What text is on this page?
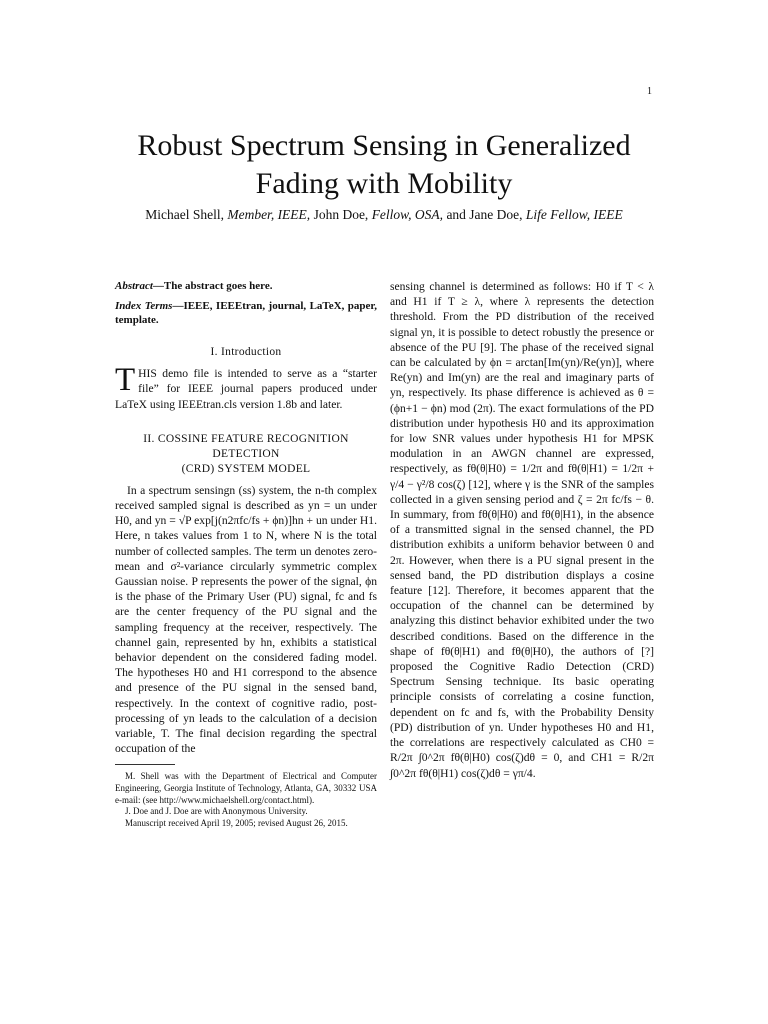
1
Robust Spectrum Sensing in Generalized
Fading with Mobility

Michael Shell, Member, IEEE, John Doe, Fellow, OSA, and Jane Doe, Life Fellow, IEEE

Abstract—The abstract goes here.

Index Terms—IEEE, IEEEtran, journal, LaTeX, paper, template.

I. Introduction

THIS demo file is intended to serve as a “starter file” for IEEE journal papers produced under LaTeX using IEEEtran.cls version 1.8b and later.

II. COSSINE FEATURE RECOGNITION DETECTION
(CRD) SYSTEM MODEL

In a spectrum sensingn (ss) system, the n-th complex received sampled signal is described as yn = un under H0, and yn = √P exp[j(n2πfc/fs + ϕn)]hn + un under H1. Here, n takes values from 1 to N, where N is the total number of collected samples. The term un denotes zero-mean and σ²-variance circularly symmetric complex Gaussian noise. P represents the power of the signal, ϕn is the phase of the Primary User (PU) signal, fc and fs are the center frequency of the PU signal and the sampling frequency at the receiver, respectively. The channel gain, represented by hn, exhibits a statistical behavior dependent on the considered fading model. The hypotheses H0 and H1 correspond to the absence and presence of the PU signal in the sensed band, respectively. In the context of cognitive radio, post-processing of yn leads to the calculation of a decision variable, T. The final decision regarding the spectral occupation of the

M. Shell was with the Department of Electrical and Computer Engineering, Georgia Institute of Technology, Atlanta, GA, 30332 USA e-mail: (see http://www.michaelshell.org/contact.html).

J. Doe and J. Doe are with Anonymous University.

Manuscript received April 19, 2005; revised August 26, 2015.

sensing channel is determined as follows: H0 if T < λ and H1 if T ≥ λ, where λ represents the detection threshold. From the PD distribution of the received signal yn, it is possible to detect robustly the presence or absence of the PU [9]. The phase of the received signal can be calculated by ϕn = arctan[Im(yn)/Re(yn)], where Re(yn) and Im(yn) are the real and imaginary parts of yn, respectively. Its phase difference is achieved as θ = (ϕn+1 − ϕn) mod (2π). The exact formulations of the PD distribution under hypothesis H0 and its approximation for low SNR values under hypothesis H1 for MPSK modulation in an AWGN channel are expressed, respectively, as fθ(θ|H0) = 1/2π and fθ(θ|H1) = 1/2π + γ/4 − γ²/8 cos(ζ) [12], where γ is the SNR of the samples collected in a given sensing period and ζ = 2π fc/fs − θ. In summary, from fθ(θ|H0) and fθ(θ|H1), in the absence of a transmitted signal in the sensed channel, the PD distribution exhibits a uniform behavior between 0 and 2π. However, when there is a PU signal present in the sensed band, the PD distribution displays a cosine feature [12]. Therefore, it becomes apparent that the occupation of the channel can be determined by analyzing this distinct behavior exhibited under the two described conditions. Based on the difference in the shape of fθ(θ|H1) and fθ(θ|H0), the authors of [?] proposed the Cognitive Radio Detection (CRD) Spectrum Sensing technique. Its basic operating principle consists of correlating a cosine function, dependent on fc and fs, with the Probability Density (PD) distribution of yn. Under hypotheses H0 and H1, the correlations are respectively calculated as CH0 = R/2π ∫0^2π fθ(θ|H0) cos(ζ)dθ = 0, and CH1 = R/2π ∫0^2π fθ(θ|H1) cos(ζ)dθ = γπ/4.
